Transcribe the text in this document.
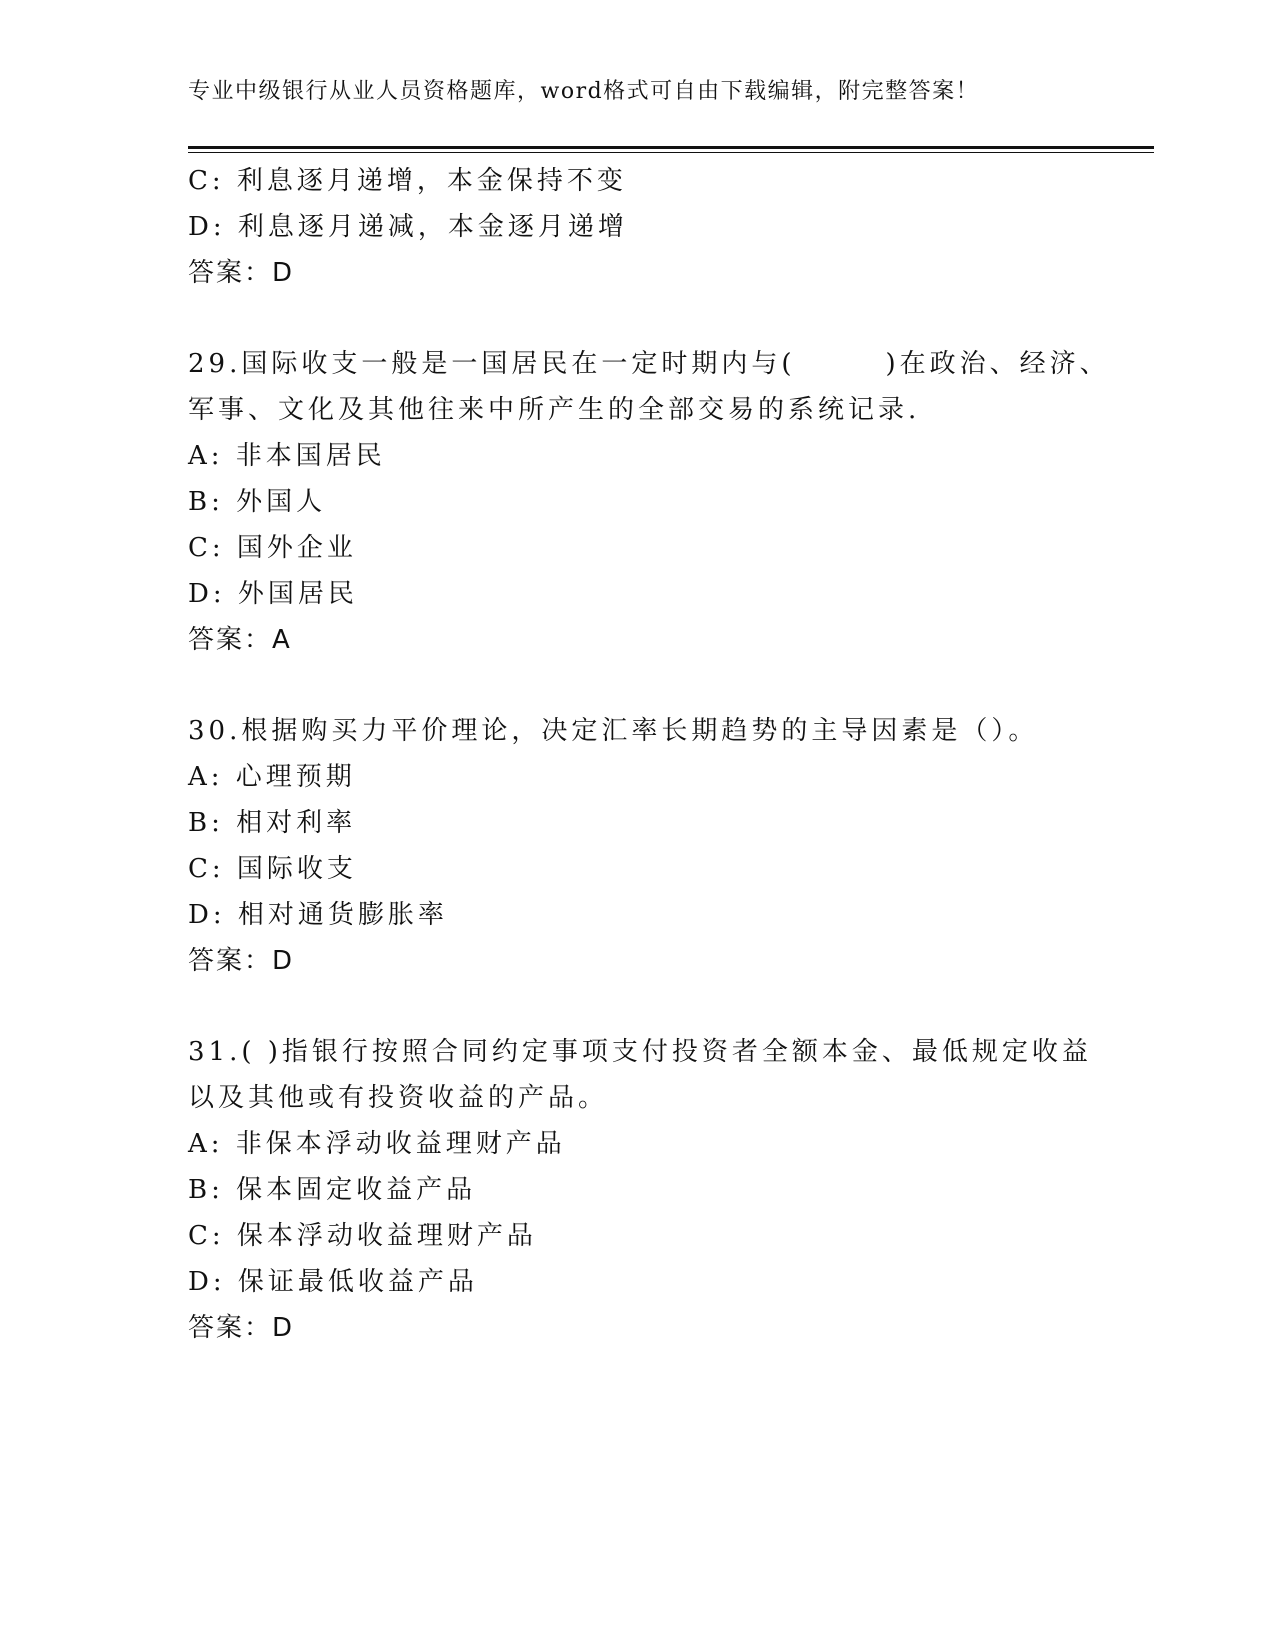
专业中级银行从业人员资格题库，word格式可自由下载编辑，附完整答案！
C: 利息逐月递增，本金保持不变
D: 利息逐月递减，本金逐月递增
答案：D
29.国际收支一般是一国居民在一定时期内与(　　　)在政治、经济、
军事、文化及其他往来中所产生的全部交易的系统记录.
A: 非本国居民
B: 外国人
C: 国外企业
D: 外国居民
答案：A
30.根据购买力平价理论，决定汇率长期趋势的主导因素是（）。
A: 心理预期
B: 相对利率
C: 国际收支
D: 相对通货膨胀率
答案：D
31.( )指银行按照合同约定事项支付投资者全额本金、最低规定收益
以及其他或有投资收益的产品。
A: 非保本浮动收益理财产品
B: 保本固定收益产品
C: 保本浮动收益理财产品
D: 保证最低收益产品
答案：D
